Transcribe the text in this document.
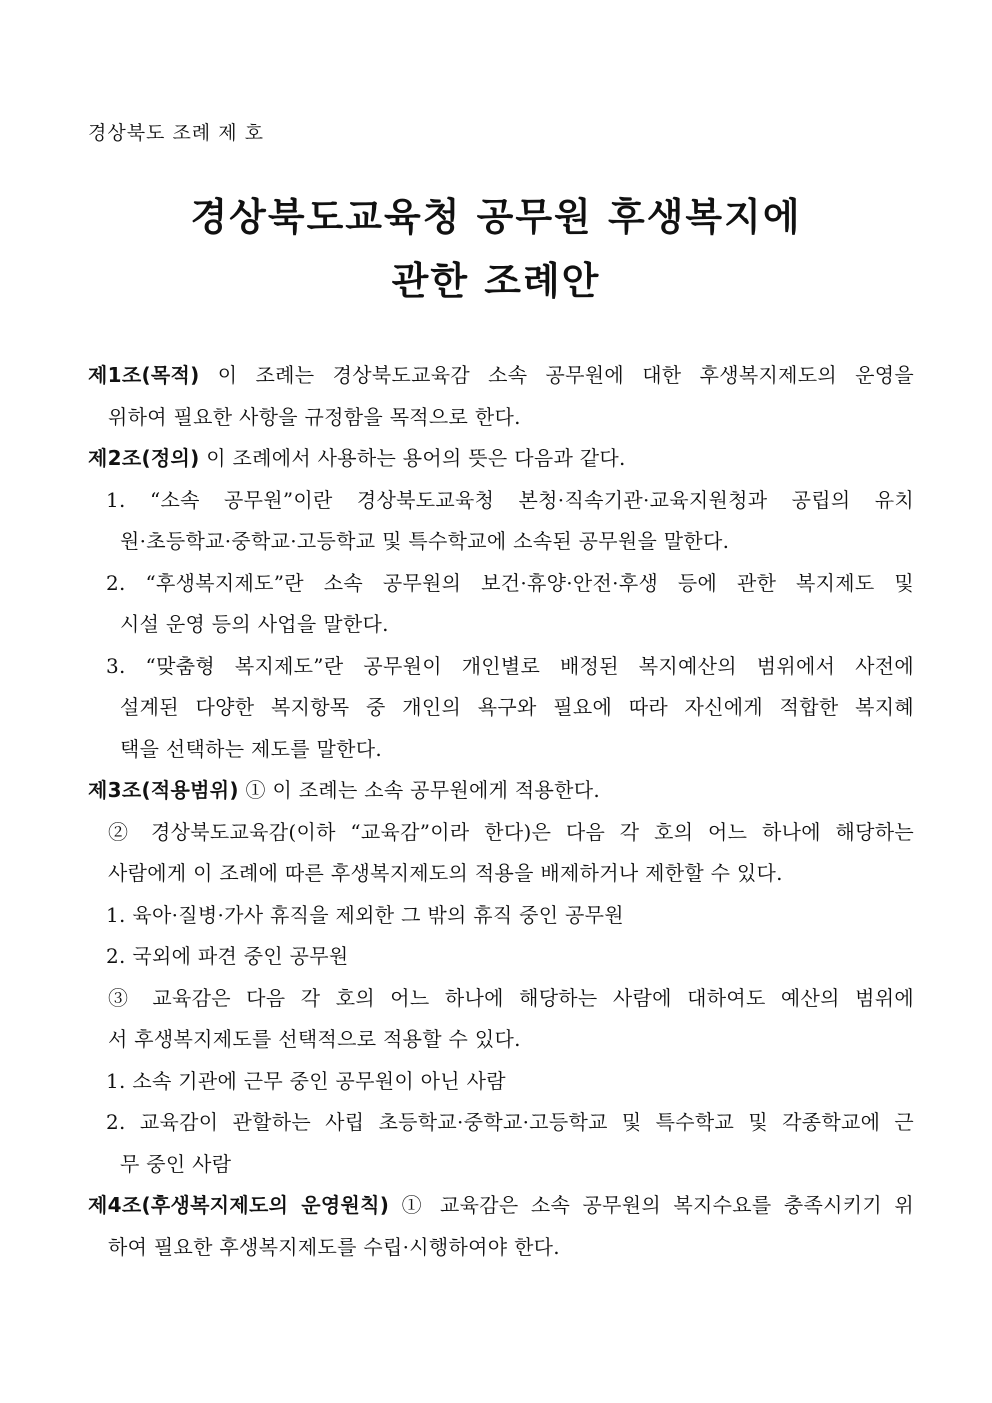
경상북도 조례 제 호
경상북도교육청 공무원 후생복지에
관한 조례안
제1조(목적) 이 조례는 경상북도교육감 소속 공무원에 대한 후생복지제도의 운영을
위하여 필요한 사항을 규정함을 목적으로 한다.
제2조(정의) 이 조례에서 사용하는 용어의 뜻은 다음과 같다.
1. “소속 공무원”이란 경상북도교육청 본청·직속기관·교육지원청과 공립의 유치
원·초등학교·중학교·고등학교 및 특수학교에 소속된 공무원을 말한다.
2. “후생복지제도”란 소속 공무원의 보건·휴양·안전·후생 등에 관한 복지제도 및
시설 운영 등의 사업을 말한다.
3. “맞춤형 복지제도”란 공무원이 개인별로 배정된 복지예산의 범위에서 사전에
설계된 다양한 복지항목 중 개인의 욕구와 필요에 따라 자신에게 적합한 복지혜
택을 선택하는 제도를 말한다.
제3조(적용범위) ① 이 조례는 소속 공무원에게 적용한다.
② 경상북도교육감(이하 “교육감”이라 한다)은 다음 각 호의 어느 하나에 해당하는
사람에게 이 조례에 따른 후생복지제도의 적용을 배제하거나 제한할 수 있다.
1. 육아·질병·가사 휴직을 제외한 그 밖의 휴직 중인 공무원
2. 국외에 파견 중인 공무원
③ 교육감은 다음 각 호의 어느 하나에 해당하는 사람에 대하여도 예산의 범위에
서 후생복지제도를 선택적으로 적용할 수 있다.
1. 소속 기관에 근무 중인 공무원이 아닌 사람
2. 교육감이 관할하는 사립 초등학교·중학교·고등학교 및 특수학교 및 각종학교에 근
무 중인 사람
제4조(후생복지제도의 운영원칙) ① 교육감은 소속 공무원의 복지수요를 충족시키기 위
하여 필요한 후생복지제도를 수립·시행하여야 한다.
